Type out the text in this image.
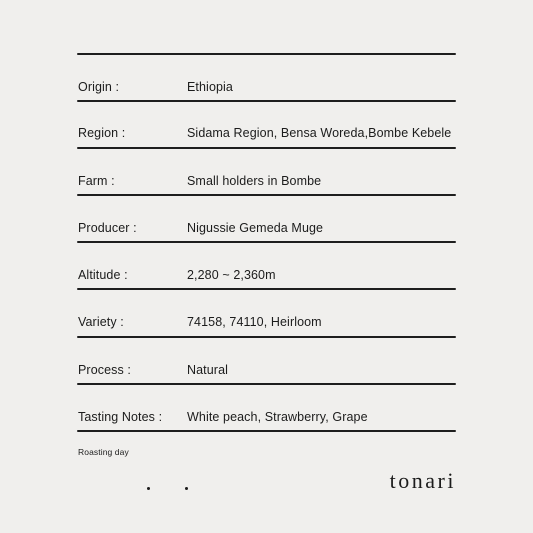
Origin :	Ethiopia
Region :	Sidama Region, Bensa Woreda,Bombe Kebele
Farm :	Small holders in Bombe
Producer :	Nigussie Gemeda Muge
Altitude :	2,280 ~ 2,360m
Variety :	74158, 74110, Heirloom
Process :	Natural
Tasting Notes : White peach, Strawberry, Grape
Roasting day
tonari
